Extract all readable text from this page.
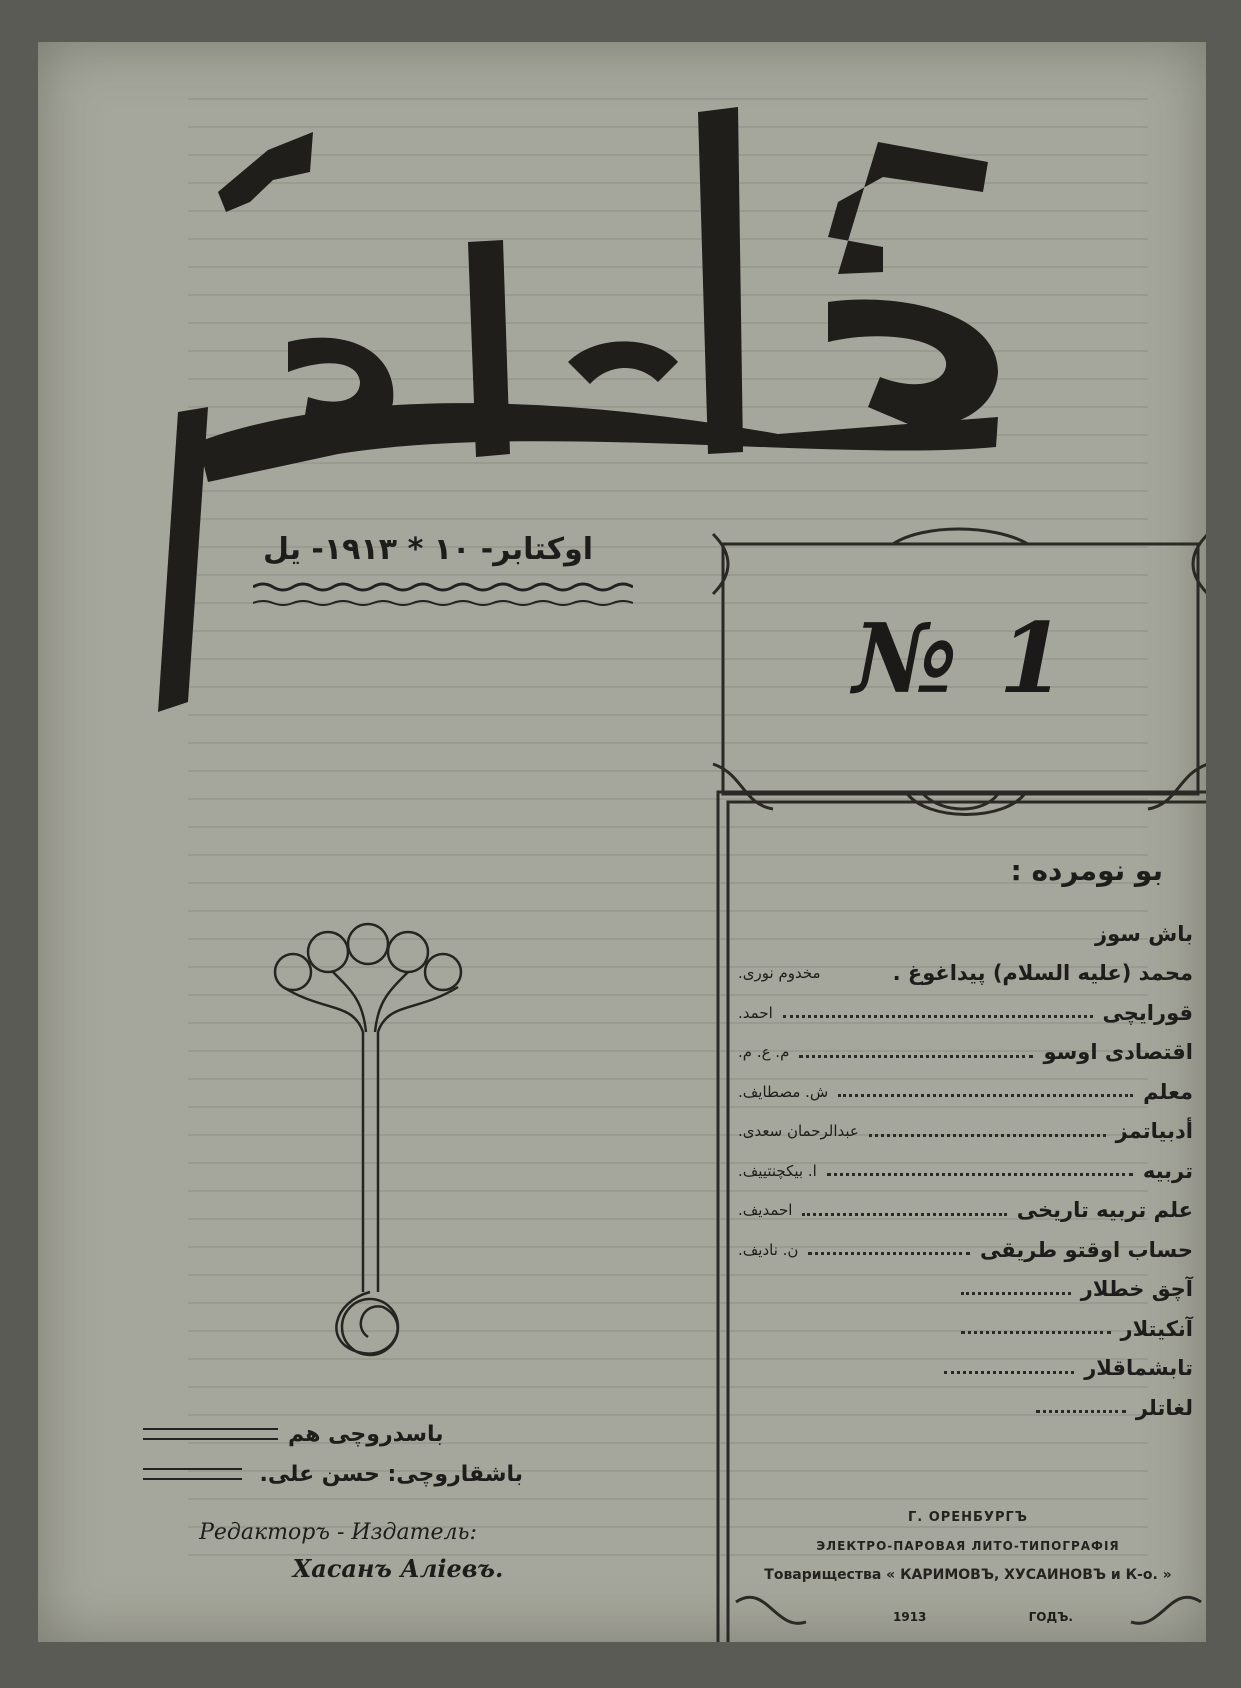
اوكتابر- ١٠ * ١٩١٣- يل
№ 1
بو نومرده :
باش سوز
محمد (عليه السلام) پيداغوغ .
مخدوم نورى.
قورايچى
احمد.
اقتصادى اوسو
م. ع. م.
معلم
ش. مصطايف.
أدبياتمز
عبدالرحمان سعدى.
تربيه
ا. بيكچنتييف.
علم تربيه تاريخى
احمديف.
حساب اوقتو طريقى
ن. ناديف.
آچق خطلار
آنكيتلار
تابشماقلار
لغاتلر
Г. ОРЕНБУРГЪ
ЭЛЕКТРО-ПАРОВАЯ ЛИТО-ТИПОГРАФІЯ
Товарищества « КАРИМОВЪ, ХУСАИНОВЪ и К-о. »
1913	ГОДЪ.
باسدروچى هم
باشقاروچى: حسن على.
Редакторъ - Издатель:
Хасанъ Аліевъ.
